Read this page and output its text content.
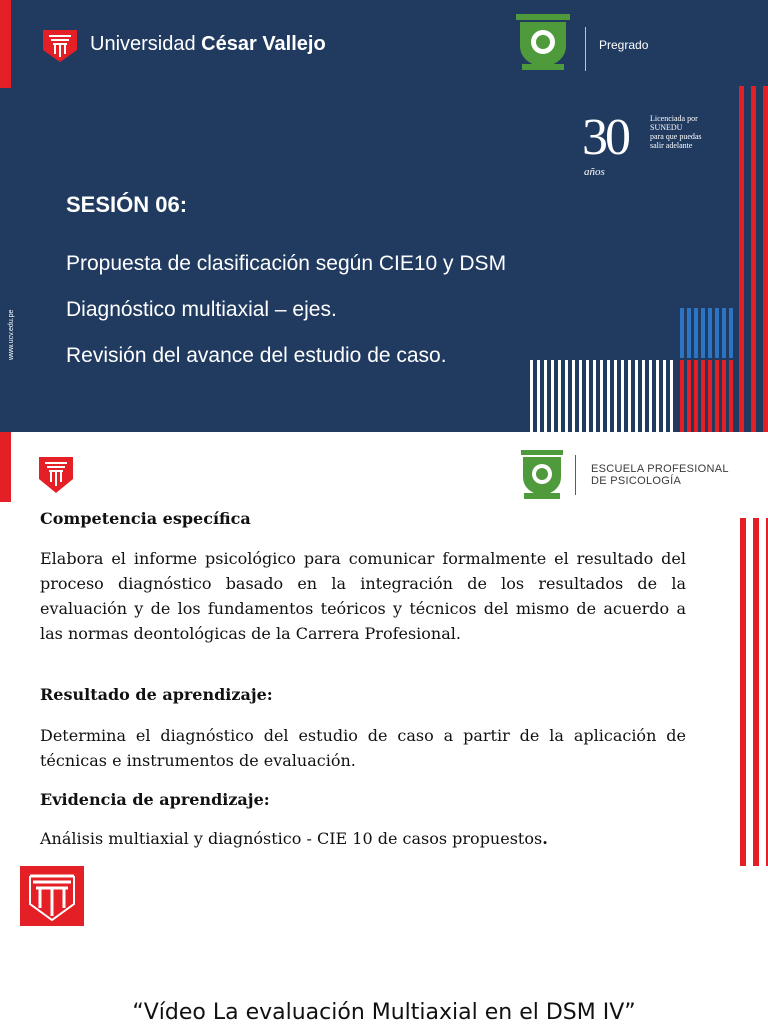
Universidad César Vallejo	Pregrado
30
años
Licenciada por
SUNEDU
para que puedas
salir adelante
www.ucv.edu.pe
SESIÓN 06:
Propuesta de clasificación según CIE10 y DSM
Diagnóstico multiaxial – ejes.
Revisión del avance del estudio de caso.
ESCUELA PROFESIONAL
DE PSICOLOGÍA
Competencia específica
Elabora el informe psicológico para comunicar formalmente el resultado del proceso diagnóstico basado en la integración de los resultados de la evaluación y de los fundamentos teóricos y técnicos del mismo de acuerdo a las normas deontológicas de la Carrera Profesional.
Resultado de aprendizaje:
Determina el diagnóstico del estudio de caso a partir de la aplicación de técnicas e instrumentos de evaluación.
Evidencia de aprendizaje:
Análisis multiaxial y diagnóstico - CIE 10 de casos propuestos.
“Vídeo La evaluación Multiaxial en el DSM IV”
